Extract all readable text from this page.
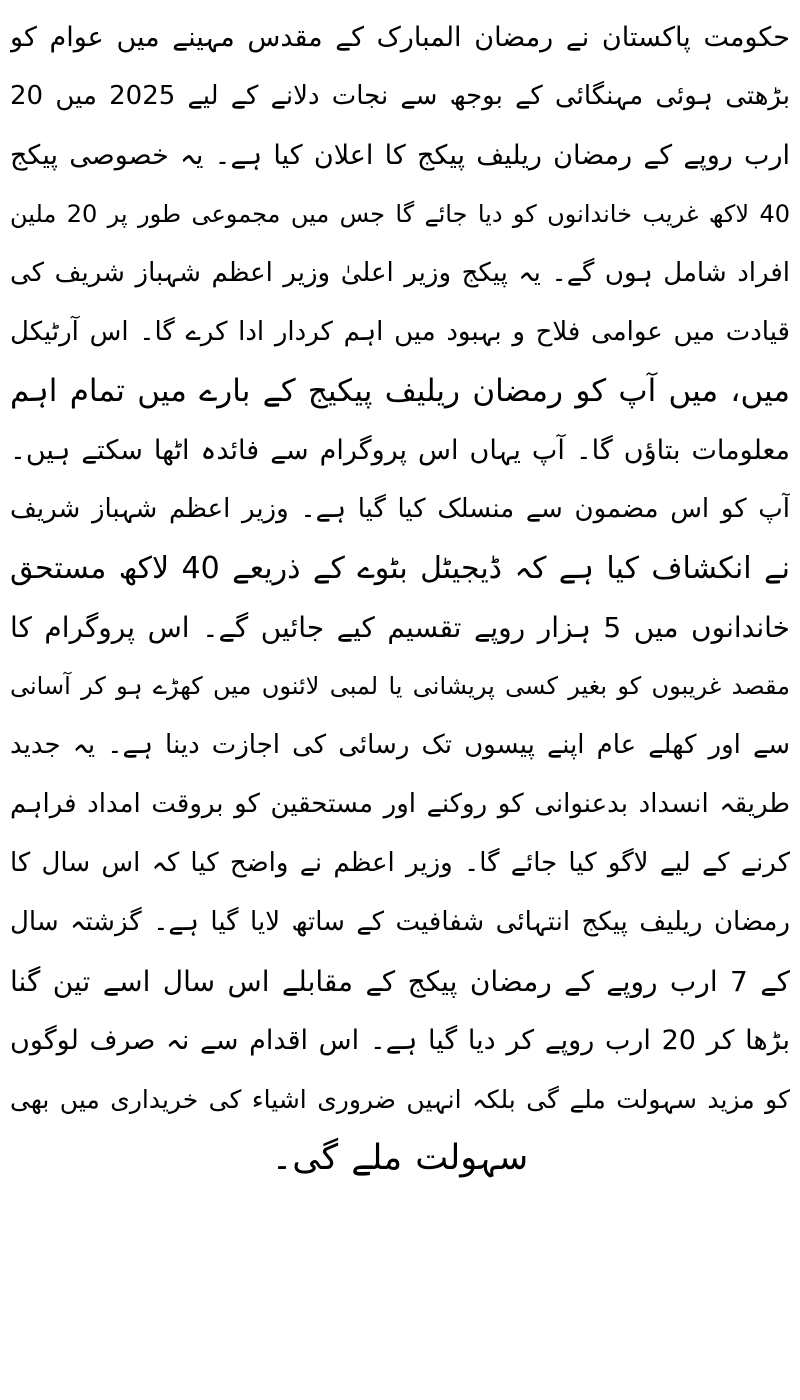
حکومت پاکستان نے رمضان المبارک کے مقدس مہینے میں عوام کو
بڑھتی ہوئی مہنگائی کے بوجھ سے نجات دلانے کے لیے 2025 میں 20
ارب روپے کے رمضان ریلیف پیکج کا اعلان کیا ہے۔ یہ خصوصی پیکج
40 لاکھ غریب خاندانوں کو دیا جائے گا جس میں مجموعی طور پر 20 ملین
افراد شامل ہوں گے۔ یہ پیکج وزیر اعلیٰ وزیر اعظم شہباز شریف کی
قیادت میں عوامی فلاح و بہبود میں اہم کردار ادا کرے گا۔ اس آرٹیکل
میں، میں آپ کو رمضان ریلیف پیکیج کے بارے میں تمام اہم
معلومات بتاؤں گا۔ آپ یہاں اس پروگرام سے فائدہ اٹھا سکتے ہیں۔
آپ کو اس مضمون سے منسلک کیا گیا ہے۔ وزیر اعظم شہباز شریف
نے انکشاف کیا ہے کہ ڈیجیٹل بٹوے کے ذریعے 40 لاکھ مستحق
خاندانوں میں 5 ہزار روپے تقسیم کیے جائیں گے۔ اس پروگرام کا
مقصد غریبوں کو بغیر کسی پریشانی یا لمبی لائنوں میں کھڑے ہو کر آسانی
سے اور کھلے عام اپنے پیسوں تک رسائی کی اجازت دینا ہے۔ یہ جدید
طریقہ انسداد بدعنوانی کو روکنے اور مستحقین کو بروقت امداد فراہم
کرنے کے لیے لاگو کیا جائے گا۔ وزیر اعظم نے واضح کیا کہ اس سال کا
رمضان ریلیف پیکج انتہائی شفافیت کے ساتھ لایا گیا ہے۔ گزشتہ سال
کے 7 ارب روپے کے رمضان پیکج کے مقابلے اس سال اسے تین گنا
بڑھا کر 20 ارب روپے کر دیا گیا ہے۔ اس اقدام سے نہ صرف لوگوں
کو مزید سہولت ملے گی بلکہ انہیں ضروری اشیاء کی خریداری میں بھی
سہولت ملے گی۔
